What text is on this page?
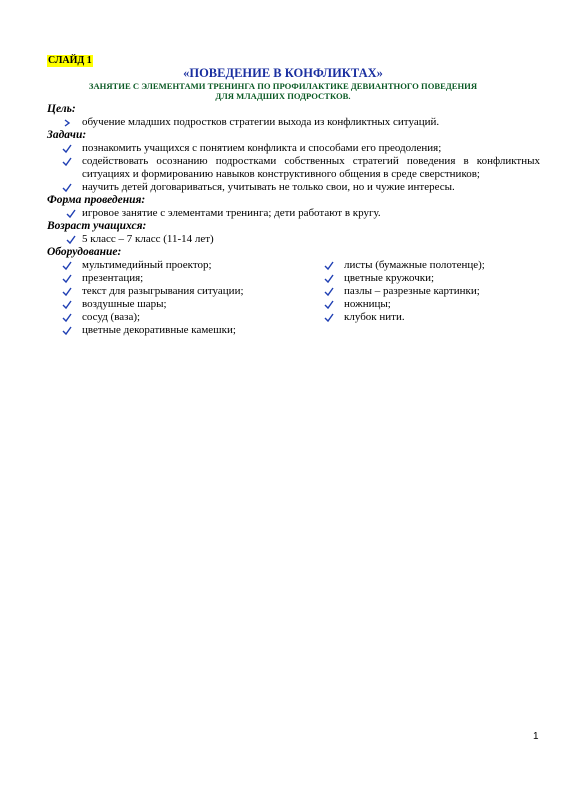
СЛАЙД 1
«ПОВЕДЕНИЕ В КОНФЛИКТАХ»
ЗАНЯТИЕ С ЭЛЕМЕНТАМИ ТРЕНИНГА ПО ПРОФИЛАКТИКЕ ДЕВИАНТНОГО ПОВЕДЕНИЯ
ДЛЯ МЛАДШИХ ПОДРОСТКОВ.
Цель:
обучение младших подростков стратегии выхода из конфликтных ситуаций.
Задачи:
познакомить учащихся с понятием конфликта и способами его преодоления;
содействовать осознанию подростками собственных стратегий поведения в конфликтных ситуациях и формированию навыков конструктивного общения в среде сверстников;
научить детей договариваться, учитывать не только свои, но и чужие интересы.
Форма проведения:
игровое занятие с элементами тренинга; дети работают в кругу.
Возраст учащихся:
5 класс – 7 класс (11-14 лет)
Оборудование:
мультимедийный проектор;
презентация;
текст для разыгрывания ситуации;
воздушные шары;
сосуд (ваза);
цветные декоративные камешки;
листы (бумажные полотенце);
цветные кружочки;
пазлы – разрезные картинки;
ножницы;
клубок нити.
1
